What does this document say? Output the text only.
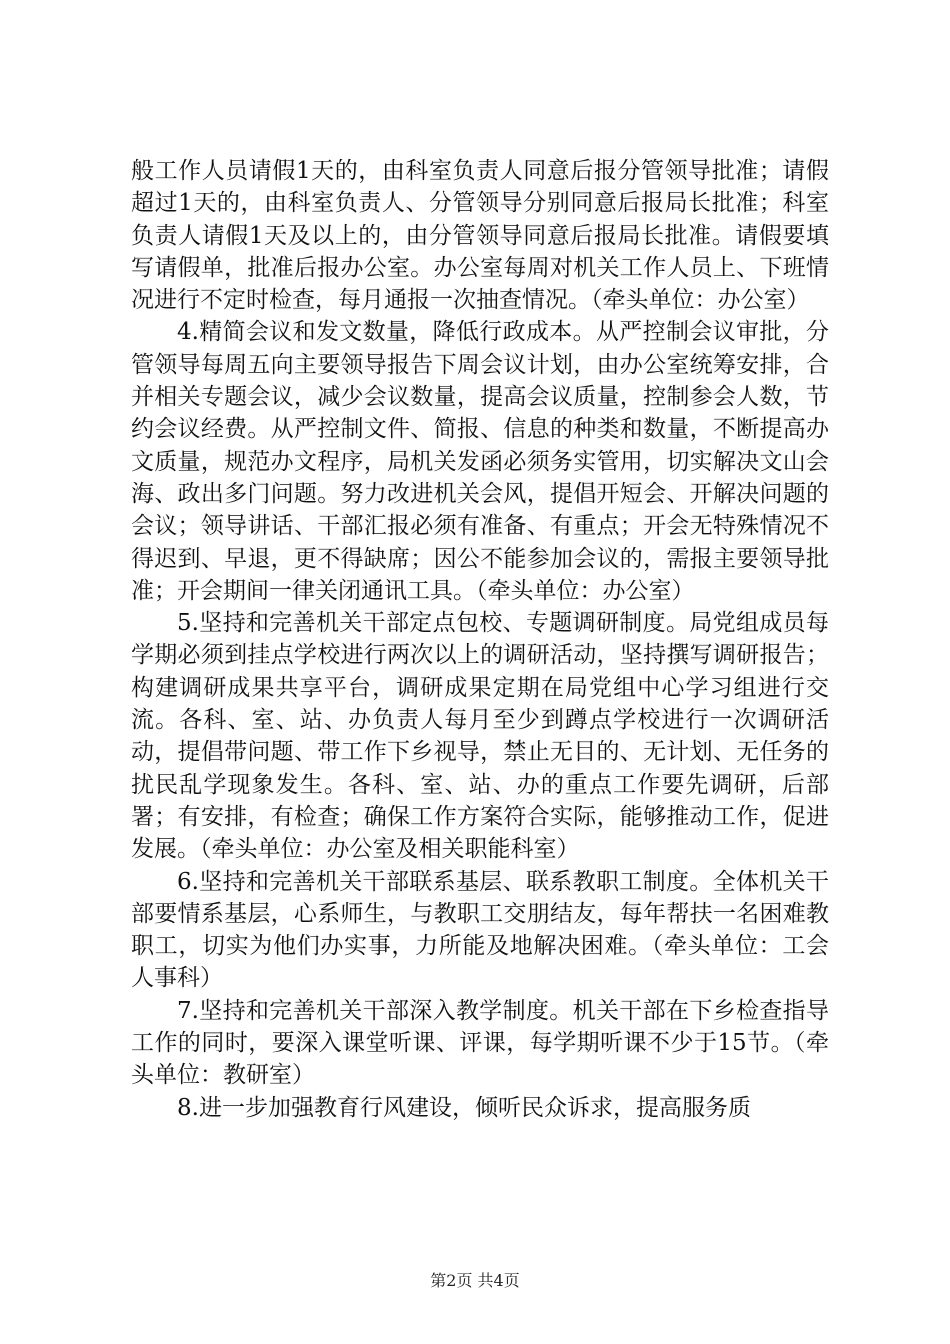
般工作人员请假1天的，由科室负责人同意后报分管领导批准；请假超过1天的，由科室负责人、分管领导分别同意后报局长批准；科室负责人请假1天及以上的，由分管领导同意后报局长批准。请假要填写请假单，批准后报办公室。办公室每周对机关工作人员上、下班情况进行不定时检查，每月通报一次抽查情况。（牵头单位：办公室）

4.精简会议和发文数量，降低行政成本。从严控制会议审批，分管领导每周五向主要领导报告下周会议计划，由办公室统筹安排，合并相关专题会议，减少会议数量，提高会议质量，控制参会人数，节约会议经费。从严控制文件、简报、信息的种类和数量，不断提高办文质量，规范办文程序，局机关发函必须务实管用，切实解决文山会海、政出多门问题。努力改进机关会风，提倡开短会、开解决问题的会议；领导讲话、干部汇报必须有准备、有重点；开会无特殊情况不得迟到、早退，更不得缺席；因公不能参加会议的，需报主要领导批准；开会期间一律关闭通讯工具。（牵头单位：办公室）

5.坚持和完善机关干部定点包校、专题调研制度。局党组成员每学期必须到挂点学校进行两次以上的调研活动，坚持撰写调研报告；构建调研成果共享平台，调研成果定期在局党组中心学习组进行交流。各科、室、站、办负责人每月至少到蹲点学校进行一次调研活动，提倡带问题、带工作下乡视导，禁止无目的、无计划、无任务的扰民乱学现象发生。各科、室、站、办的重点工作要先调研，后部署；有安排，有检查；确保工作方案符合实际，能够推动工作，促进发展。（牵头单位：办公室及相关职能科室）

6.坚持和完善机关干部联系基层、联系教职工制度。全体机关干部要情系基层，心系师生，与教职工交朋结友，每年帮扶一名困难教职工，切实为他们办实事，力所能及地解决困难。（牵头单位：工会人事科）

7.坚持和完善机关干部深入教学制度。机关干部在下乡检查指导工作的同时，要深入课堂听课、评课，每学期听课不少于15节。（牵头单位：教研室）

8.进一步加强教育行风建设，倾听民众诉求，提高服务质

第2页 共4页
